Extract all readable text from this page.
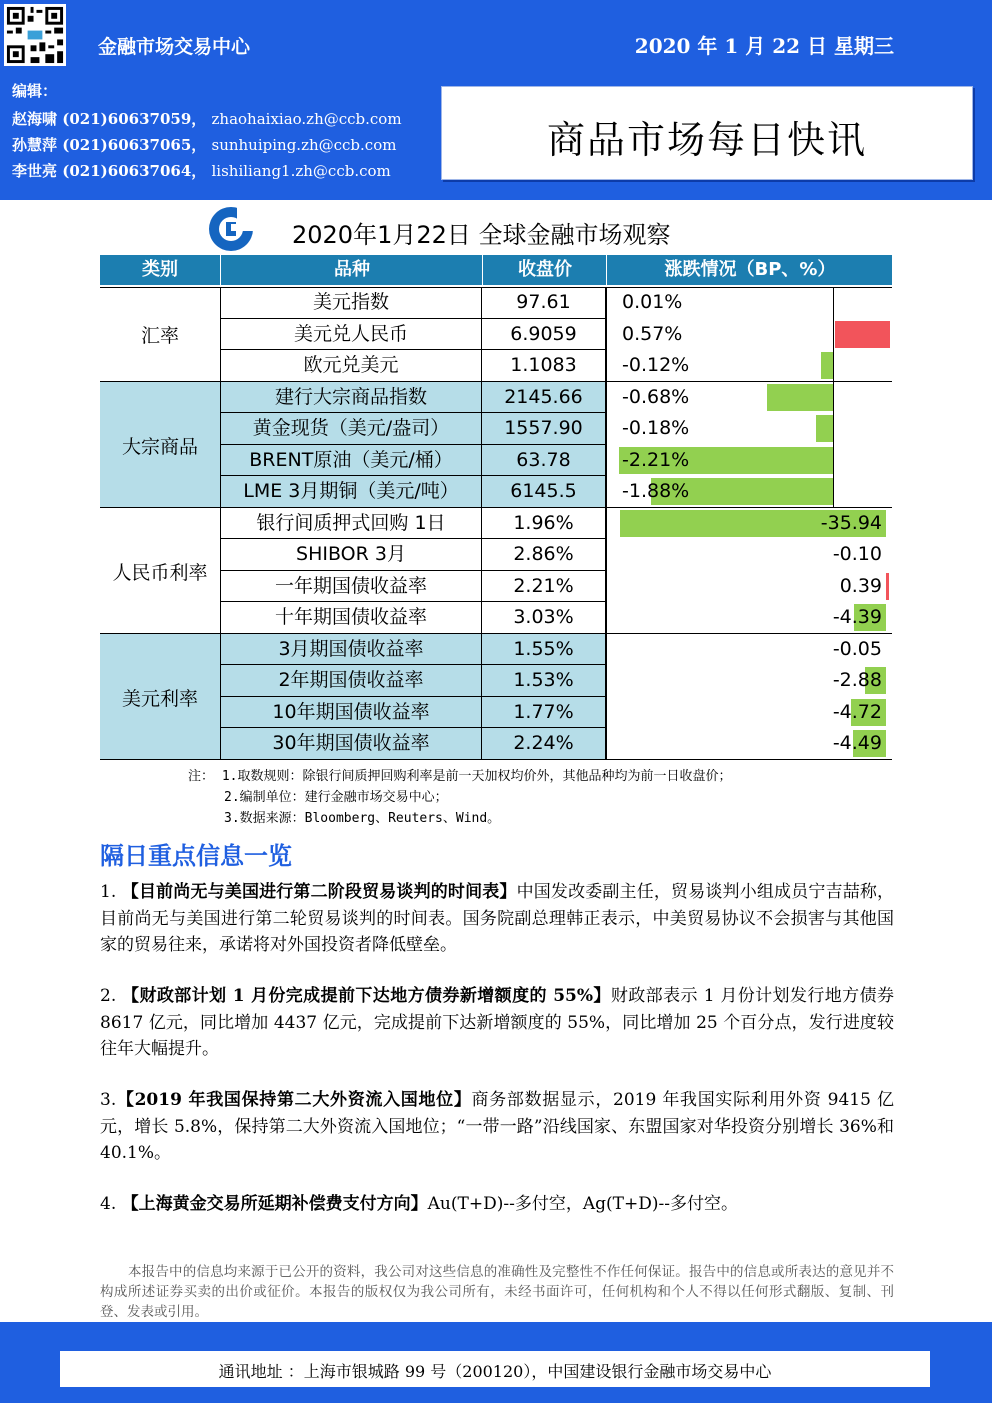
金融市场交易中心	2020 年 1 月 22 日 星期三
编辑：
赵海啸 (021)60637059， zhaohaixiao.zh@ccb.com
孙慧萍 (021)60637065， sunhuiping.zh@ccb.com
李世亮 (021)60637064， lishiliang1.zh@ccb.com
商品市场每日快讯
2020年1月22日 全球金融市场观察
类别	品种	收盘价	涨跌情况（BP、%）
汇率
美元指数	97.61	0.01%
美元兑人民币	6.9059	0.57%
欧元兑美元	1.1083	-0.12%
大宗商品
建行大宗商品指数	2145.66	-0.68%
黄金现货（美元/盎司）	1557.90	-0.18%
BRENT原油（美元/桶）	63.78	-2.21%
LME 3月期铜（美元/吨）	6145.5	-1.88%
人民币利率
银行间质押式回购 1日	1.96%	-35.94
SHIBOR 3月	2.86%	-0.10
一年期国债收益率	2.21%	0.39
十年期国债收益率	3.03%	-4.39
美元利率
3月期国债收益率	1.55%	-0.05
2年期国债收益率	1.53%	-2.88
10年期国债收益率	1.77%	-4.72
30年期国债收益率	2.24%	-4.49
注： 1.取数规则：除银行间质押回购利率是前一天加权均价外，其他品种均为前一日收盘价；
2.编制单位：建行金融市场交易中心；
3.数据来源：Bloomberg、Reuters、Wind。
隔日重点信息一览
1. 【目前尚无与美国进行第二阶段贸易谈判的时间表】中国发改委副主任，贸易谈判小组成员宁吉喆称，目前尚无与美国进行第二轮贸易谈判的时间表。国务院副总理韩正表示，中美贸易协议不会损害与其他国家的贸易往来，承诺将对外国投资者降低壁垒。
2. 【财政部计划 1 月份完成提前下达地方债券新增额度的 55%】财政部表示 1 月份计划发行地方债券 8617 亿元，同比增加 4437 亿元，完成提前下达新增额度的 55%，同比增加 25 个百分点，发行进度较往年大幅提升。
3.【2019 年我国保持第二大外资流入国地位】商务部数据显示，2019 年我国实际利用外资 9415 亿元，增长 5.8%，保持第二大外资流入国地位；“一带一路”沿线国家、东盟国家对华投资分别增长 36%和 40.1%。
4. 【上海黄金交易所延期补偿费支付方向】Au(T+D)--多付空，Ag(T+D)--多付空。
本报告中的信息均来源于已公开的资料，我公司对这些信息的准确性及完整性不作任何保证。报告中的信息或所表达的意见并不构成所述证券买卖的出价或征价。本报告的版权仅为我公司所有，未经书面许可，任何机构和个人不得以任何形式翻版、复制、刊登、发表或引用。
通讯地址 ：上海市银城路 99 号（200120），中国建设银行金融市场交易中心
